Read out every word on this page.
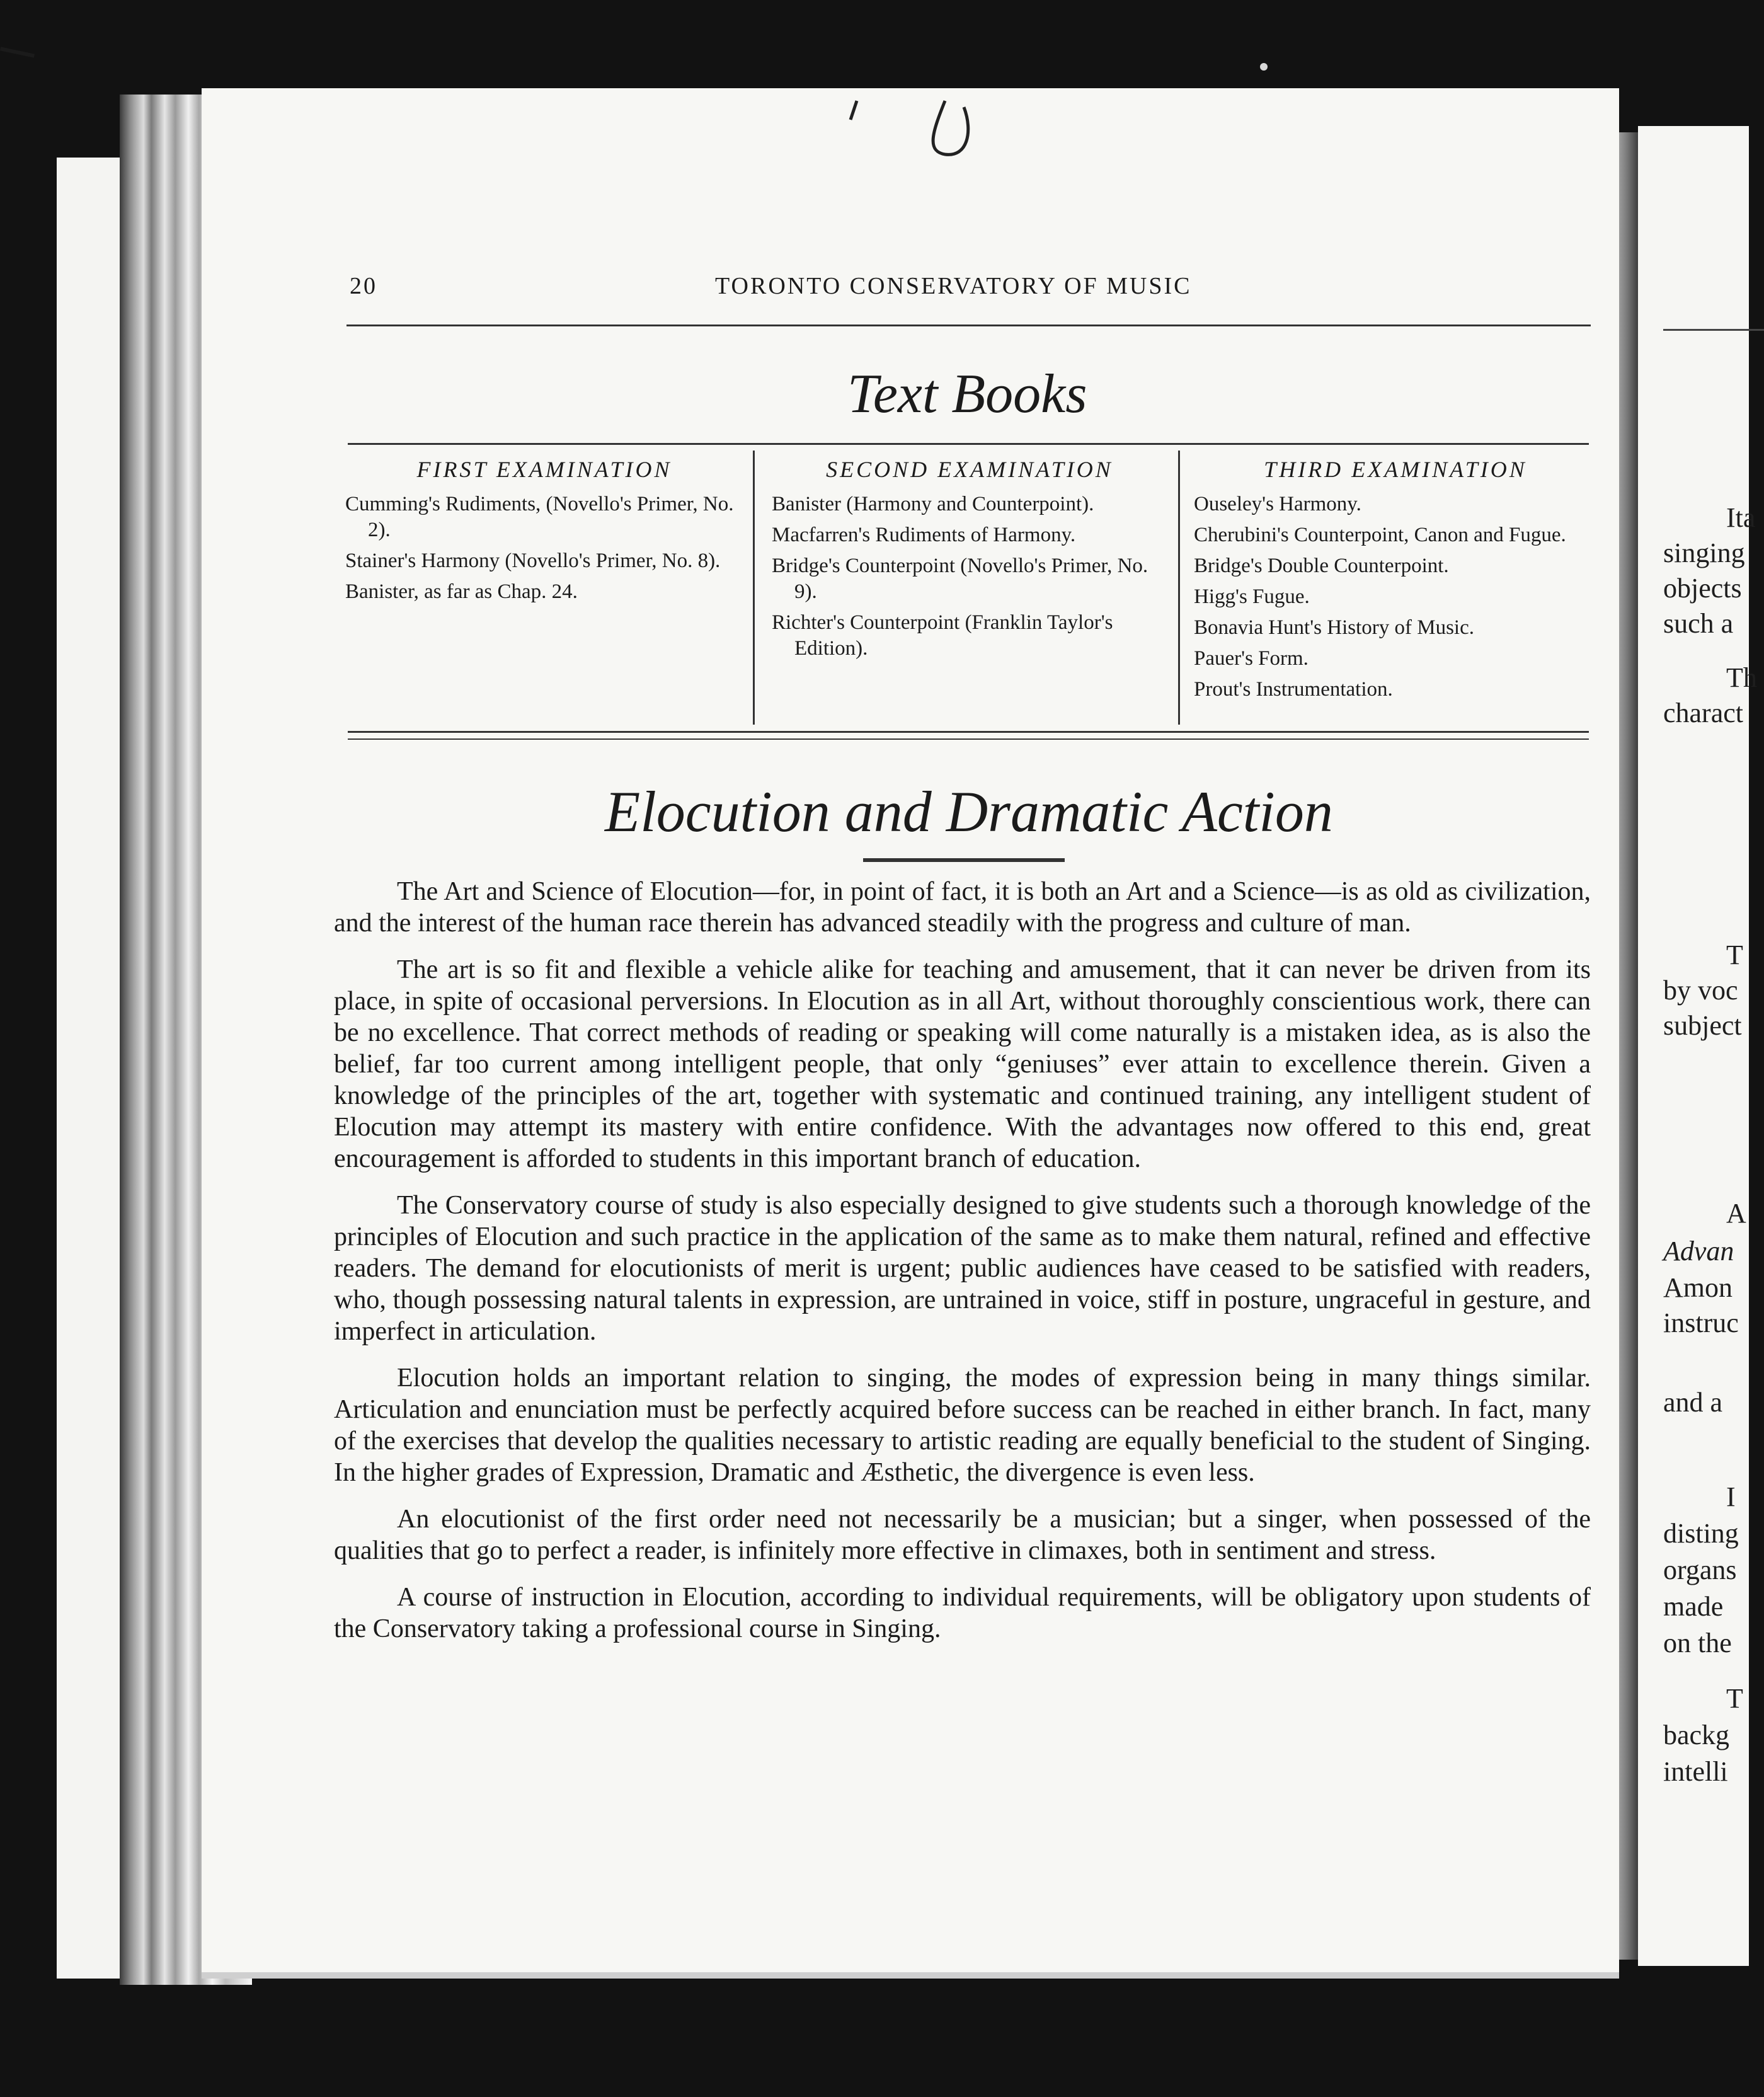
Ita
singing
objects
such a
Th
charact
T
by voc
subject
A
Advan
Amon
instruc
and a
I
disting
organs
made
on the
T
backg
intelli
20	TORONTO CONSERVATORY OF MUSIC
Text Books
FIRST EXAMINATION

Cumming's Rudiments, (Novello's Primer, No. 2).

Stainer's Harmony (Novello's Primer, No. 8).

Banister, as far as Chap. 24.

SECOND EXAMINATION

Banister (Harmony and Counterpoint).

Macfarren's Rudiments of Harmony.

Bridge's Counterpoint (Novello's Primer, No. 9).

Richter's Counterpoint (Franklin Taylor's Edition).

THIRD EXAMINATION

Ouseley's Harmony.

Cherubini's Counterpoint, Canon and Fugue.

Bridge's Double Counterpoint.

Higg's Fugue.

Bonavia Hunt's History of Music.

Pauer's Form.

Prout's Instrumentation.

Elocution and Dramatic Action

The Art and Science of Elocution—for, in point of fact, it is both an Art and a Science—is as old as civilization, and the interest of the human race therein has advanced steadily with the progress and culture of man.

The art is so fit and flexible a vehicle alike for teaching and amusement, that it can never be driven from its place, in spite of occasional perversions. In Elocution as in all Art, without thoroughly conscientious work, there can be no excellence. That correct methods of reading or speaking will come naturally is a mistaken idea, as is also the belief, far too current among intelligent people, that only “geniuses” ever attain to excellence therein. Given a knowledge of the principles of the art, together with systematic and continued training, any intelligent student of Elocution may attempt its mastery with entire confidence. With the advantages now offered to this end, great encouragement is afforded to students in this important branch of education.

The Conservatory course of study is also especially designed to give students such a thorough knowledge of the principles of Elocution and such practice in the application of the same as to make them natural, refined and effective readers. The demand for elocutionists of merit is urgent; public audiences have ceased to be satisfied with readers, who, though possessing natural talents in expression, are untrained in voice, stiff in posture, ungraceful in gesture, and imperfect in articulation.

Elocution holds an important relation to singing, the modes of expression being in many things similar. Articulation and enunciation must be perfectly acquired before success can be reached in either branch. In fact, many of the exercises that develop the qualities necessary to artistic reading are equally beneficial to the student of Singing. In the higher grades of Expression, Dramatic and Æsthetic, the divergence is even less.

An elocutionist of the first order need not necessarily be a musician; but a singer, when possessed of the qualities that go to perfect a reader, is infinitely more effective in climaxes, both in sentiment and stress.

A course of instruction in Elocution, according to individual requirements, will be obligatory upon students of the Conservatory taking a professional course in Singing.
